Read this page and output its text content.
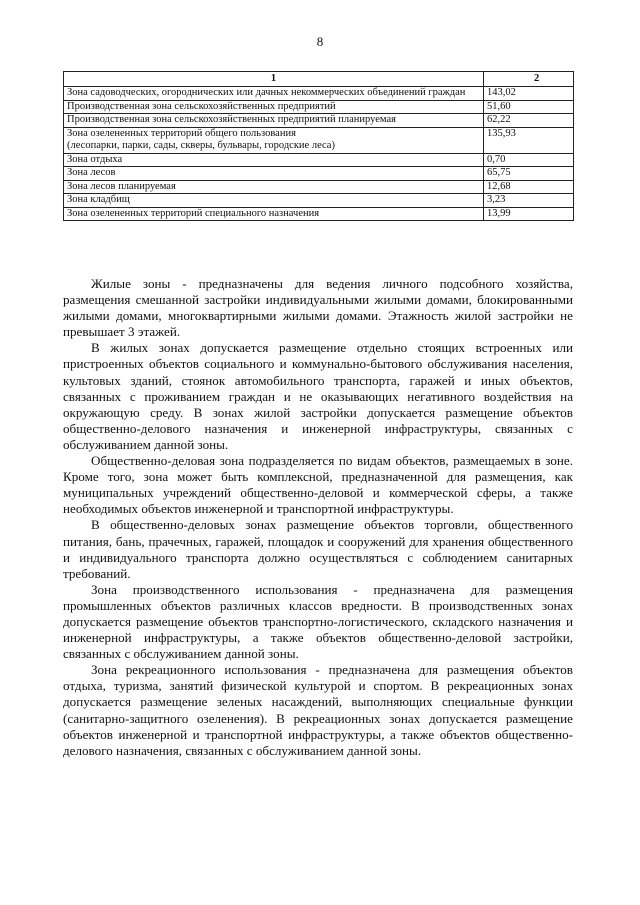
8
1	2
Зона садоводческих, огороднических или дачных некоммерческих объединений граждан	143,02
Производственная зона сельскохозяйственных предприятий	51,60
Производственная зона сельскохозяйственных предприятий планируемая	62,22
Зона озелененных территорий общего пользования
(лесопарки, парки, сады, скверы, бульвары, городские леса)	135,93
Зона отдыха	0,70
Зона лесов	65,75
Зона лесов планируемая	12,68
Зона кладбищ	3,23
Зона озелененных территорий специального назначения	13,99

Жилые зоны - предназначены для ведения личного подсобного хозяйства, размещения смешанной застройки индивидуальными жилыми домами, блокированными жилыми домами, многоквартирными жилыми домами. Этажность жилой застройки не превышает 3 этажей.

В жилых зонах допускается размещение отдельно стоящих встроенных или пристроенных объектов социального и коммунально-бытового обслуживания населения, культовых зданий, стоянок автомобильного транспорта, гаражей и иных объектов, связанных с проживанием граждан и не оказывающих негативного воздействия на окружающую среду. В зонах жилой застройки допускается размещение объектов общественно-делового назначения и инженерной инфраструктуры, связанных с обслуживанием данной зоны.

Общественно-деловая зона подразделяется по видам объектов, размещаемых в зоне. Кроме того, зона может быть комплексной, предназначенной для размещения, как муниципальных учреждений общественно-деловой и коммерческой сферы, а также необходимых объектов инженерной и транспортной инфраструктуры.

В общественно-деловых зонах размещение объектов торговли, общественного питания, бань, прачечных, гаражей, площадок и сооружений для хранения общественного и индивидуального транспорта должно осуществляться с соблюдением санитарных требований.

Зона производственного использования - предназначена для размещения промышленных объектов различных классов вредности. В производственных зонах допускается размещение объектов транспортно-логистического, складского назначения и инженерной инфраструктуры, а также объектов общественно-деловой застройки, связанных с обслуживанием данной зоны.

Зона рекреационного использования - предназначена для размещения объектов отдыха, туризма, занятий физической культурой и спортом. В рекреационных зонах допускается размещение зеленых насаждений, выполняющих специальные функции (санитарно-защитного озеленения). В рекреационных зонах допускается размещение объектов инженерной и транспортной инфраструктуры, а также объектов общественно-делового назначения, связанных с обслуживанием данной зоны.
